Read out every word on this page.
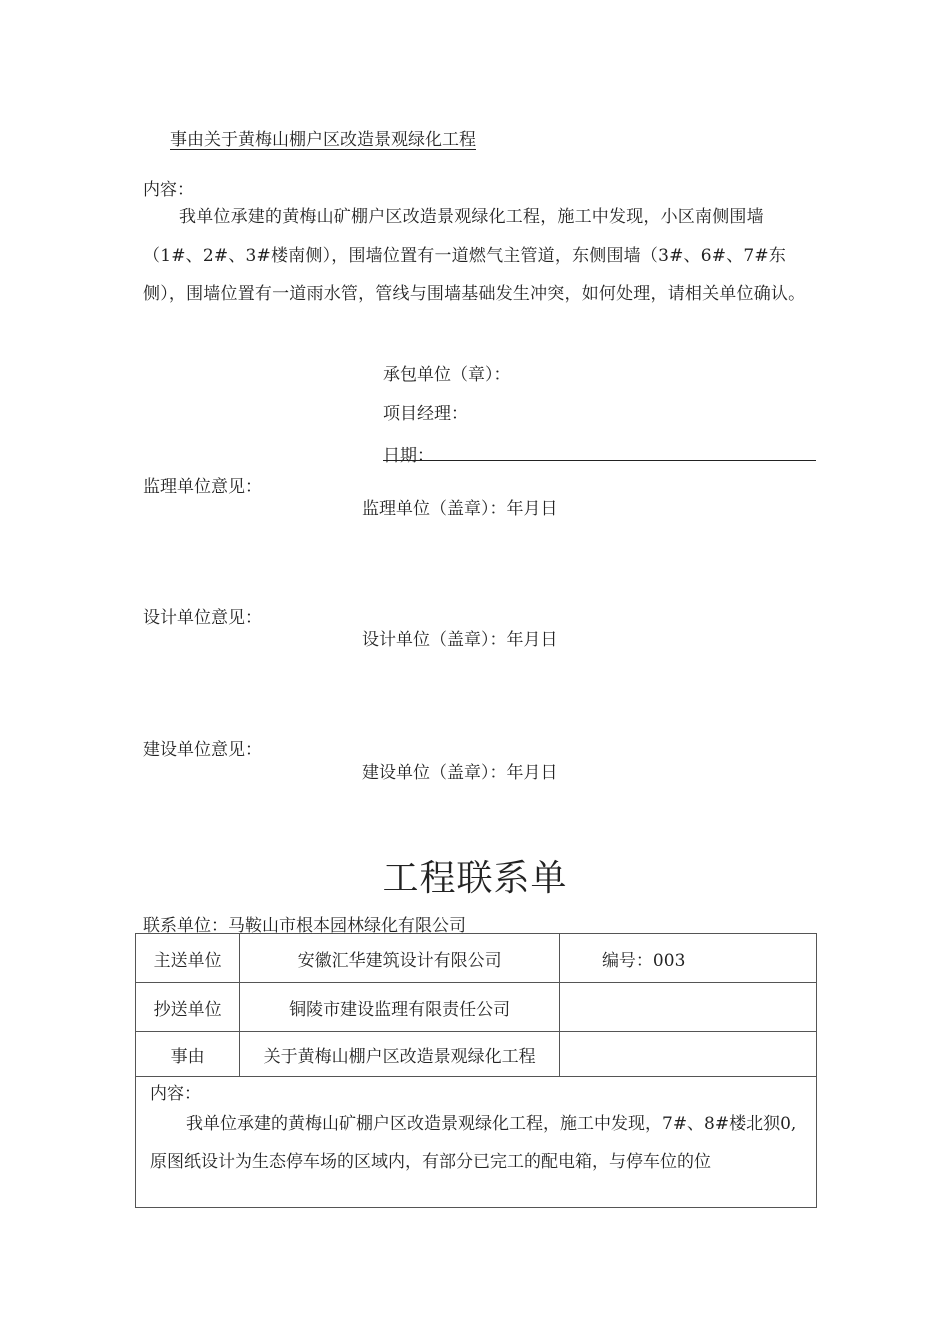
事由关于黄梅山棚户区改造景观绿化工程
内容：
我单位承建的黄梅山矿棚户区改造景观绿化工程，施工中发现，小区南侧围墙（1#、2#、3#楼南侧），围墙位置有一道燃气主管道，东侧围墙（3#、6#、7#东侧），围墙位置有一道雨水管，管线与围墙基础发生冲突，如何处理，请相关单位确认。
承包单位（章）：
项目经理：
日期：
监理单位意见：
监理单位（盖章）：年月日
设计单位意见：
设计单位（盖章）：年月日
建设单位意见：
建设单位（盖章）：年月日
工程联系单
联系单位：马鞍山市根本园林绿化有限公司
主送单位	安徽汇华建筑设计有限公司	编号：003
抄送单位	铜陵市建设监理有限责任公司	
事由	关于黄梅山棚户区改造景观绿化工程	

内容：
我单位承建的黄梅山矿棚户区改造景观绿化工程，施工中发现，7#、8#楼北狈0,原图纸设计为生态停车场的区域内，有部分已完工的配电箱，与停车位的位		
